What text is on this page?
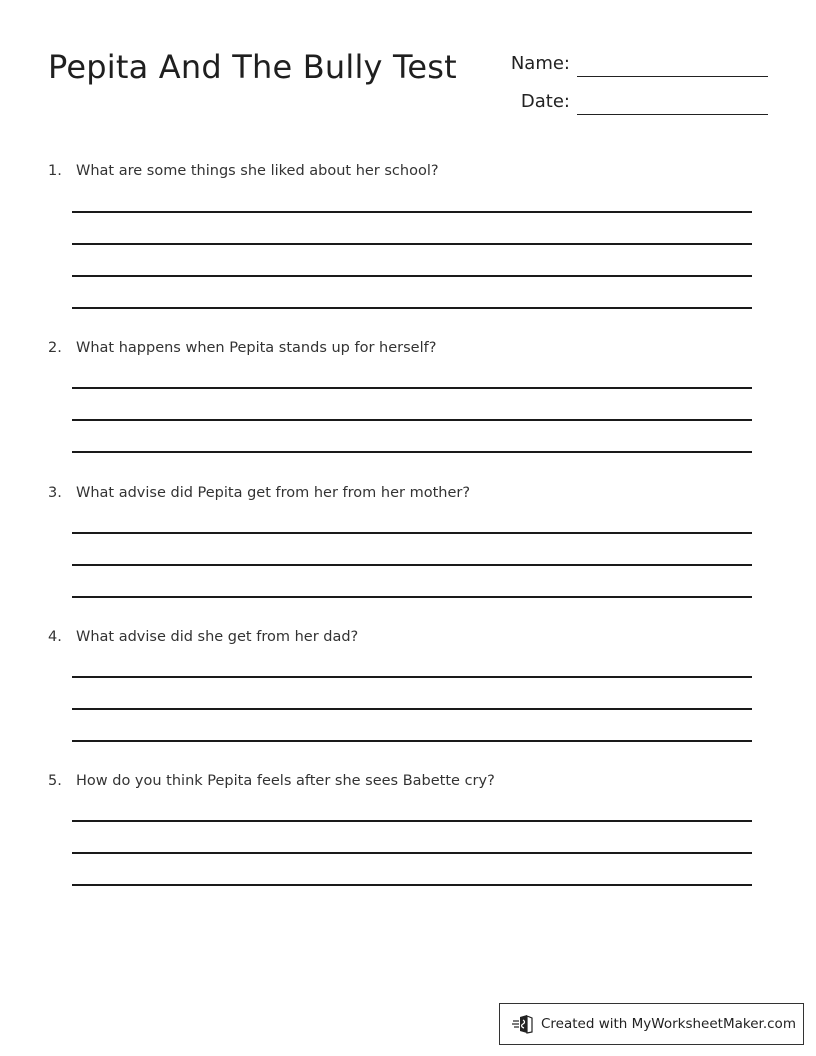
Pepita And The Bully Test	Name:
Date:
1. What are some things she liked about her school?
2. What happens when Pepita stands up for herself?
3. What advise did Pepita get from her from her mother?
4. What advise did she get from her dad?
5. How do you think Pepita feels after she sees Babette cry?
Created with MyWorksheetMaker.com
